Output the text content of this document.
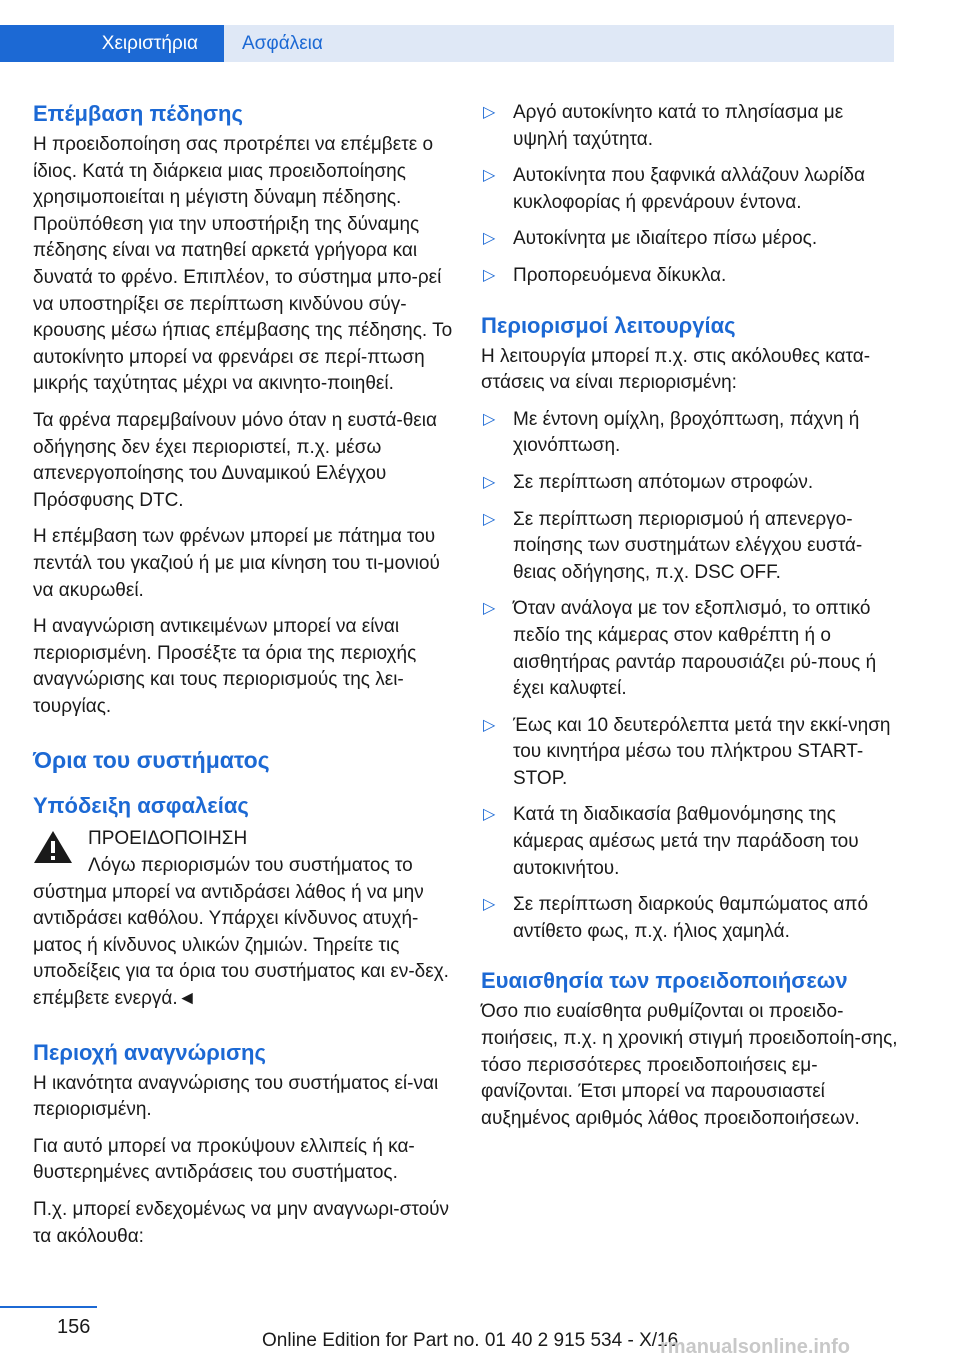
Χειριστήρια	Ασφάλεια
Επέμβαση πέδησης

Η προειδοποίηση σας προτρέπει να επέμβετε ο ίδιος. Κατά τη διάρκεια μιας προειδοποίησης χρησιμοποιείται η μέγιστη δύναμη πέδησης. Προϋπόθεση για την υποστήριξη της δύναμης πέδησης είναι να πατηθεί αρκετά γρήγορα και δυνατά το φρένο. Επιπλέον, το σύστημα μπο-ρεί να υποστηρίξει σε περίπτωση κινδύνου σύγ-κρουσης μέσω ήπιας επέμβασης της πέδησης. Το αυτοκίνητο μπορεί να φρενάρει σε περί-πτωση μικρής ταχύτητας μέχρι να ακινητο-ποιηθεί.

Τα φρένα παρεμβαίνουν μόνο όταν η ευστά-θεια οδήγησης δεν έχει περιοριστεί, π.χ. μέσω απενεργοποίησης του Δυναμικού Ελέγχου Πρόσφυσης DTC.

Η επέμβαση των φρένων μπορεί με πάτημα του πεντάλ του γκαζιού ή με μια κίνηση του τι-μονιού να ακυρωθεί.

Η αναγνώριση αντικειμένων μπορεί να είναι περιορισμένη. Προσέξτε τα όρια της περιοχής αναγνώρισης και τους περιορισμούς της λει-τουργίας.

Όρια του συστήματος
Υπόδειξη ασφαλείας
ΠΡΟΕΙΔΟΠΟΙΗΣΗ
Λόγω περιορισμών του συστήματος το
σύστημα μπορεί να αντιδράσει λάθος ή να μην αντιδράσει καθόλου. Υπάρχει κίνδυνος ατυχή-ματος ή κίνδυνος υλικών ζημιών. Τηρείτε τις υποδείξεις για τα όρια του συστήματος και εν-δεχ. επέμβετε ενεργά.◄
Περιοχή αναγνώρισης

Η ικανότητα αναγνώρισης του συστήματος εί-ναι περιορισμένη.

Για αυτό μπορεί να προκύψουν ελλιπείς ή κα-θυστερημένες αντιδράσεις του συστήματος.

Π.χ. μπορεί ενδεχομένως να μην αναγνωρι-στούν τα ακόλουθα:

▷ Αργό αυτοκίνητο κατά το πλησίασμα με υψηλή ταχύτητα.
▷ Αυτοκίνητα που ξαφνικά αλλάζουν λωρίδα κυκλοφορίας ή φρενάρουν έντονα.
▷ Αυτοκίνητα με ιδιαίτερο πίσω μέρος.
▷ Προπορευόμενα δίκυκλα.
Περιορισμοί λειτουργίας

Η λειτουργία μπορεί π.χ. στις ακόλουθες κατα-στάσεις να είναι περιορισμένη:

▷ Με έντονη ομίχλη, βροχόπτωση, πάχνη ή χιονόπτωση.
▷ Σε περίπτωση απότομων στροφών.
▷ Σε περίπτωση περιορισμού ή απενεργο-ποίησης των συστημάτων ελέγχου ευστά-θειας οδήγησης, π.χ. DSC OFF.
▷ Όταν ανάλογα με τον εξοπλισμό, το οπτικό πεδίο της κάμερας στον καθρέπτη ή ο αισθητήρας ραντάρ παρουσιάζει ρύ-πους ή έχει καλυφτεί.
▷ Έως και 10 δευτερόλεπτα μετά την εκκί-νηση του κινητήρα μέσω του πλήκτρου START-STOP.
▷ Κατά τη διαδικασία βαθμονόμησης της κάμερας αμέσως μετά την παράδοση του αυτοκινήτου.
▷ Σε περίπτωση διαρκούς θαμπώματος από αντίθετο φως, π.χ. ήλιος χαμηλά.
Ευαισθησία των προειδοποιήσεων

Όσο πιο ευαίσθητα ρυθμίζονται οι προειδο-ποιήσεις, π.χ. η χρονική στιγμή προειδοποίη-σης, τόσο περισσότερες προειδοποιήσεις εμ-φανίζονται. Έτσι μπορεί να παρουσιαστεί αυξημένος αριθμός λάθος προειδοποιήσεων.

156
Online Edition for Part no. 01 40 2 915 534 - X/16
rmanualsonline.info
